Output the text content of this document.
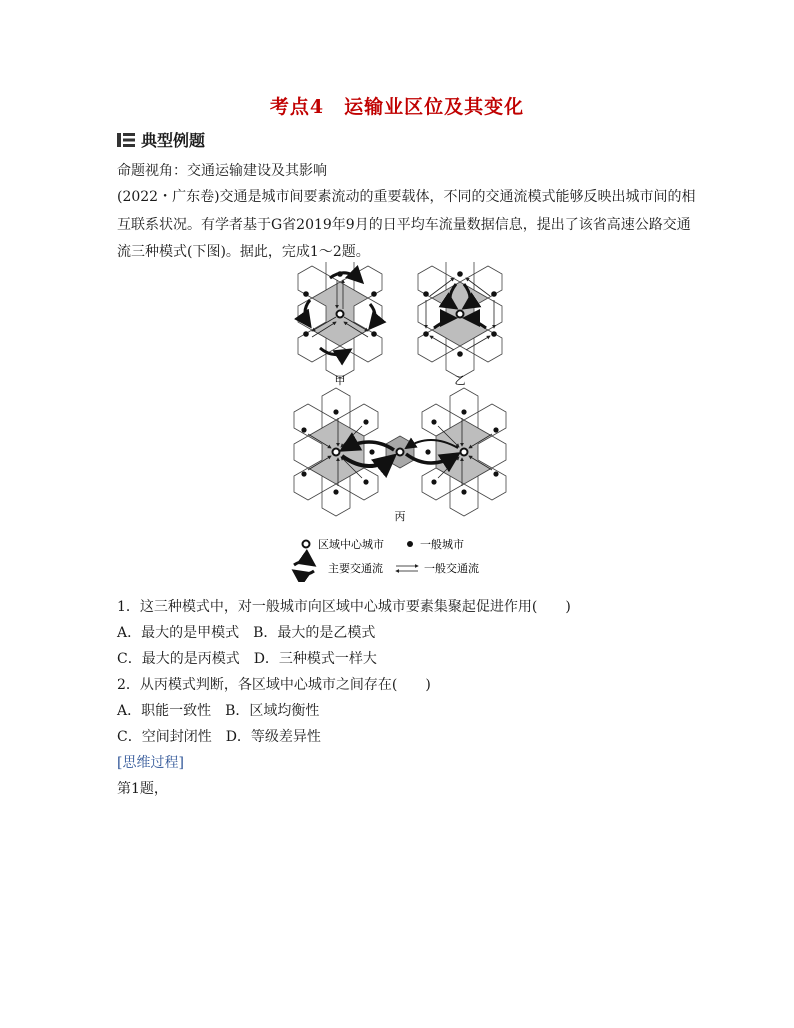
考点4　运输业区位及其变化
典型例题
命题视角：交通运输建设及其影响
(2022・广东卷)交通是城市间要素流动的重要载体，不同的交通流模式能够反映出城市间的相
互联系状况。有学者基于G省2019年9月的日平均车流量数据信息，提出了该省高速公路交通
流三种模式(下图)。据此，完成1～2题。
甲	乙
丙
区域中心城市	一般城市
主要交通流	一般交通流
1．这三种模式中，对一般城市向区域中心城市要素集聚起促进作用(　　)
A．最大的是甲模式　B．最大的是乙模式
C．最大的是丙模式　D．三种模式一样大
2．从丙模式判断，各区域中心城市之间存在(　　)
A．职能一致性　B．区域均衡性
C．空间封闭性　D．等级差异性
[思维过程]
第1题，
